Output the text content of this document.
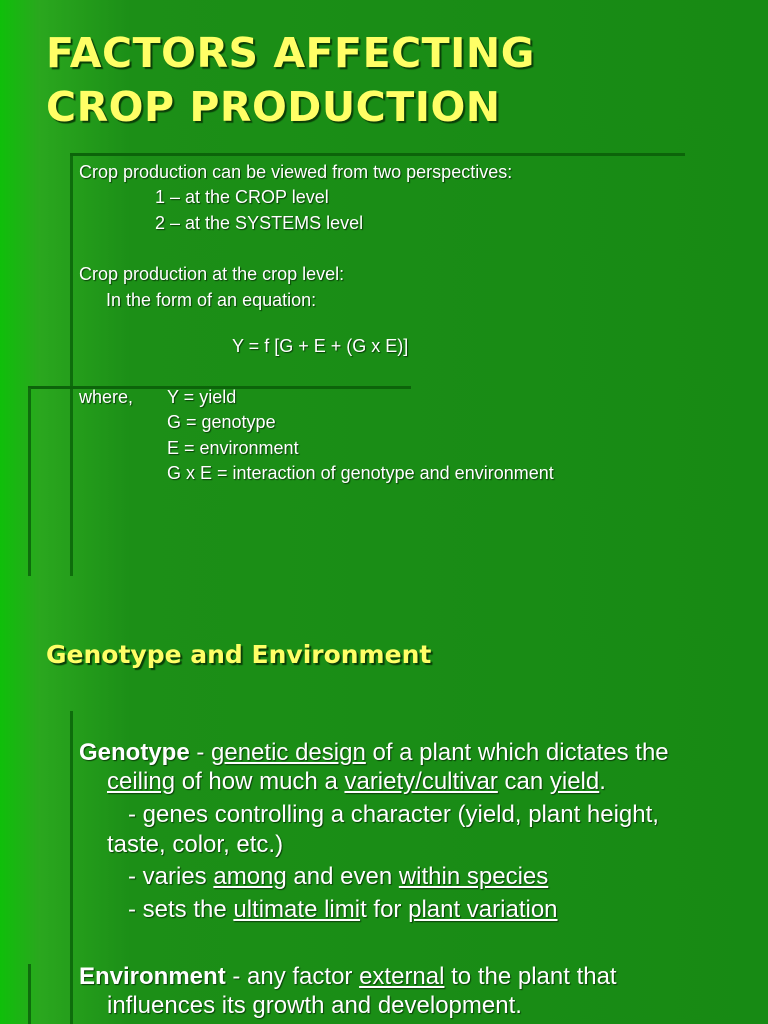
FACTORS AFFECTING
CROP PRODUCTION
Crop production can be viewed from two perspectives:
1 – at the CROP level
2 – at the SYSTEMS level
Crop production at the crop level:
In the form of an equation:
Y = f [G + E + (G x E)]
where, Y = yield
G = genotype
E = environment
G x E = interaction of genotype and environment
Genotype and Environment
Genotype - genetic design of a plant which dictates the
ceiling of how much a variety/cultivar can yield.
- genes controlling a character (yield, plant height,
taste, color, etc.)
- varies among and even within species
- sets the ultimate limit for plant variation
Environment - any factor external to the plant that
influences its growth and development.
